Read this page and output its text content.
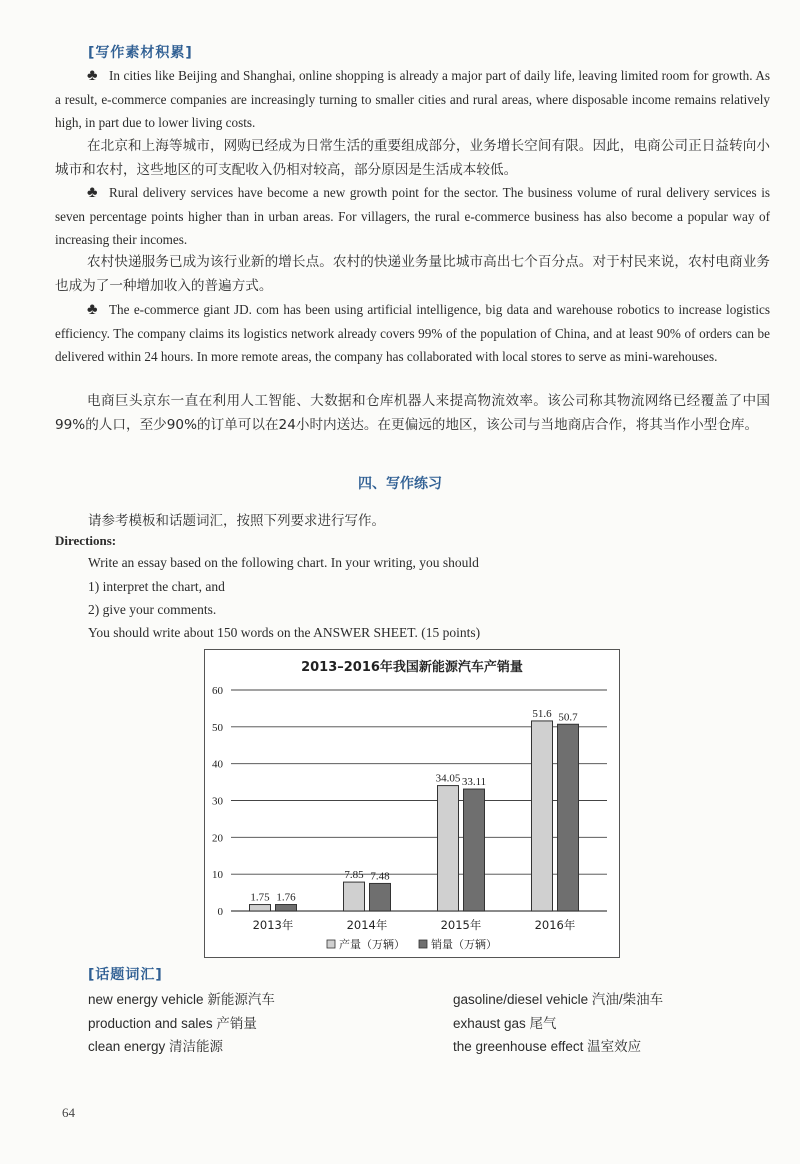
[写作素材积累]

♣ In cities like Beijing and Shanghai, online shopping is already a major part of daily life, leaving limited room for growth. As a result, e-commerce companies are increasingly turning to smaller cities and rural areas, where disposable income remains relatively high, in part due to lower living costs.

在北京和上海等城市，网购已经成为日常生活的重要组成部分，业务增长空间有限。因此，电商公司正日益转向小城市和农村，这些地区的可支配收入仍相对较高，部分原因是生活成本较低。

♣ Rural delivery services have become a new growth point for the sector. The business volume of rural delivery services is seven percentage points higher than in urban areas. For villagers, the rural e-commerce business has also become a popular way of increasing their incomes.

农村快递服务已成为该行业新的增长点。农村的快递业务量比城市高出七个百分点。对于村民来说，农村电商业务也成为了一种增加收入的普遍方式。

♣ The e-commerce giant JD. com has been using artificial intelligence, big data and warehouse robotics to increase logistics efficiency. The company claims its logistics network already covers 99% of the population of China, and at least 90% of orders can be delivered within 24 hours. In more remote areas, the company has collaborated with local stores to serve as mini-warehouses.

电商巨头京东一直在利用人工智能、大数据和仓库机器人来提高物流效率。该公司称其物流网络已经覆盖了中国99%的人口，至少90%的订单可以在24小时内送达。在更偏远的地区，该公司与当地商店合作，将其当作小型仓库。

四、写作练习
请参考模板和话题词汇，按照下列要求进行写作。
Directions:
Write an essay based on the following chart. In your writing, you should
1) interpret the chart, and
2) give your comments.
You should write about 150 words on the ANSWER SHEET. (15 points)
2013–2016年我国新能源汽车产销量
0
10
20
30
40
50
60
1.75 1.76
7.85 7.48
34.05 33.11
51.6 50.7
2013年	2014年	2015年	2016年
产量（万辆） 销量（万辆）
[话题词汇]
new energy vehicle 新能源汽车	gasoline/diesel vehicle 汽油/柴油车
production and sales 产销量	exhaust gas 尾气
clean energy 清洁能源	the greenhouse effect 温室效应
64
